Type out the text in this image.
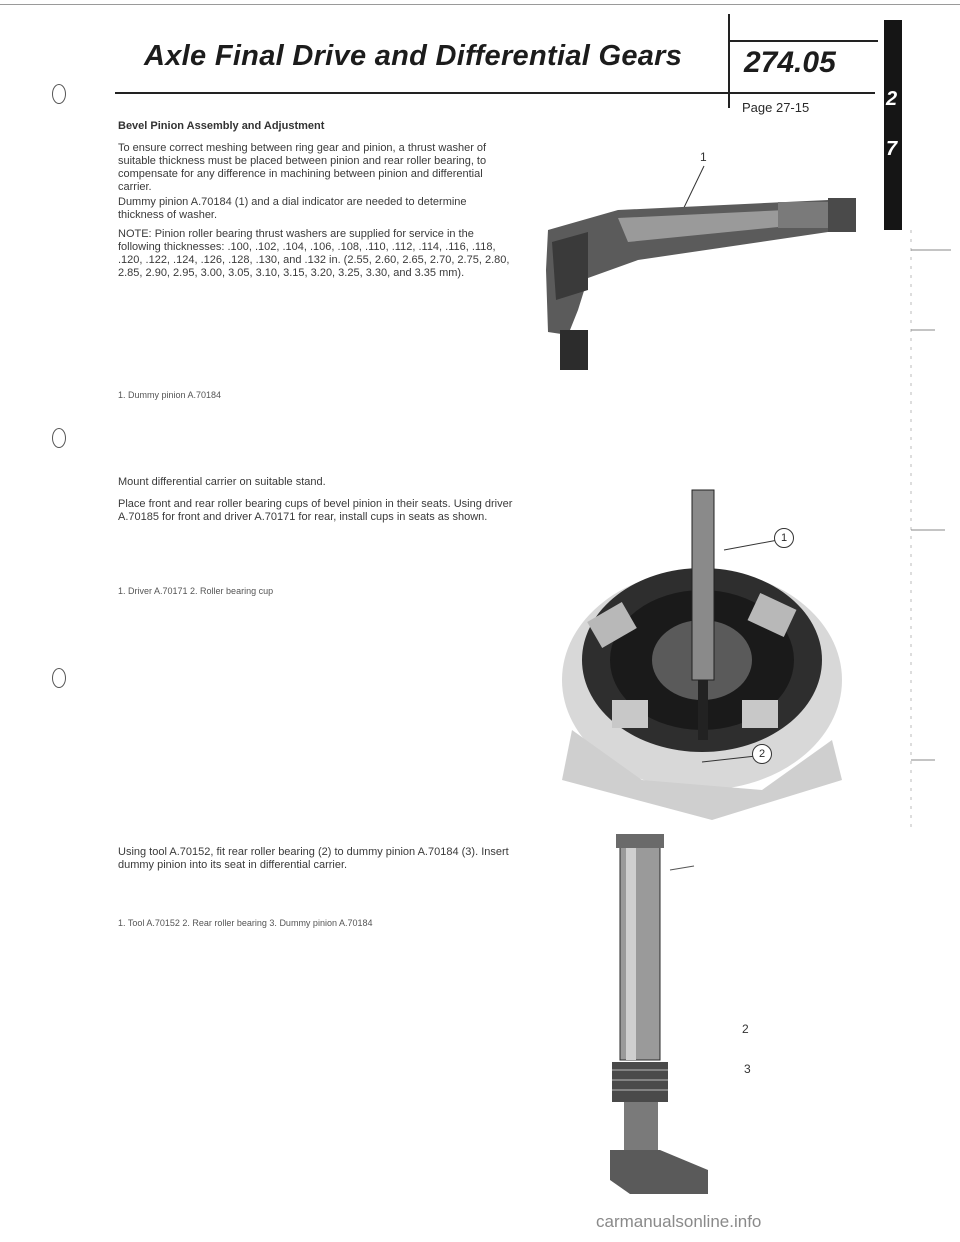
Axle Final Drive and Differential Gears 274.05
Page 27-15	2
7
Bevel Pinion Assembly and Adjustment
To ensure correct meshing between ring gear and pinion, a thrust washer of suitable thickness must be placed between pinion and rear roller bearing, to compensate for any difference in machining between pinion and differential carrier.
Dummy pinion A.70184 (1) and a dial indicator are needed to determine thickness of washer.
NOTE: Pinion roller bearing thrust washers are supplied for service in the following thicknesses: .100, .102, .104, .106, .108, .110, .112, .114, .116, .118, .120, .122, .124, .126, .128, .130, and .132 in. (2.55, 2.60, 2.65, 2.70, 2.75, 2.80, 2.85, 2.90, 2.95, 3.00, 3.05, 3.10, 3.15, 3.20, 3.25, 3.30, and 3.35 mm).
1. Dummy pinion A.70184
1
Mount differential carrier on suitable stand.
Place front and rear roller bearing cups of bevel pinion in their seats. Using driver A.70185 for front and driver A.70171 for rear, install cups in seats as shown.
1. Driver A.70171 2. Roller bearing cup
1
2
Using tool A.70152, fit rear roller bearing (2) to dummy pinion A.70184 (3). Insert dummy pinion into its seat in differential carrier.
1. Tool A.70152 2. Rear roller bearing 3. Dummy pinion A.70184
2
3
carmanualsonline.info
